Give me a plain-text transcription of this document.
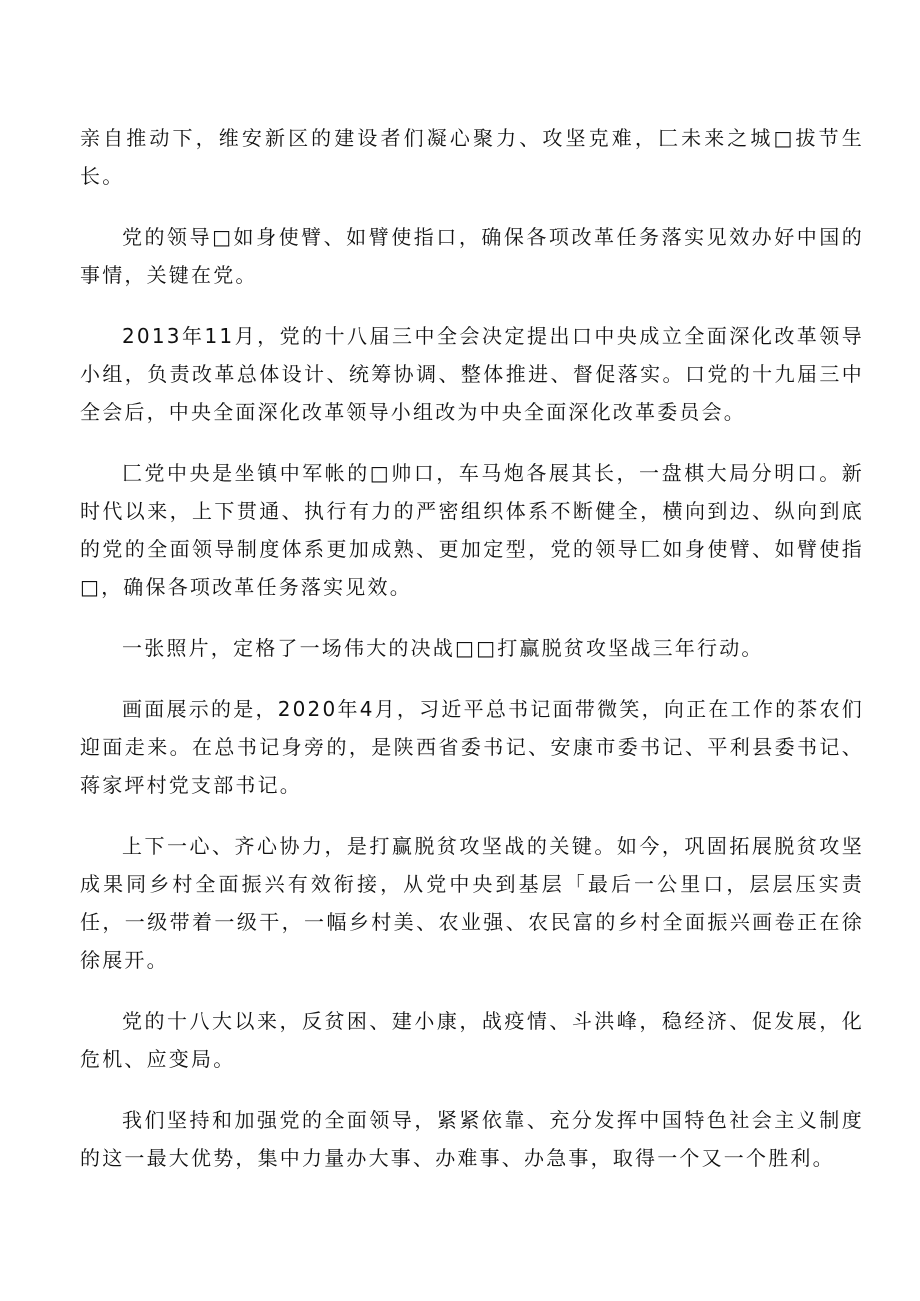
亲自推动下，维安新区的建设者们凝心聚力、攻坚克难，匚未来之城□拔节生长。

党的领导□如身使臂、如臂使指口，确保各项改革任务落实见效办好中国的事情，关键在党。

2013年11月，党的十八届三中全会决定提出口中央成立全面深化改革领导小组，负责改革总体设计、统筹协调、整体推进、督促落实。口党的十九届三中全会后，中央全面深化改革领导小组改为中央全面深化改革委员会。

匚党中央是坐镇中军帐的□帅口，车马炮各展其长，一盘棋大局分明口。新时代以来，上下贯通、执行有力的严密组织体系不断健全，横向到边、纵向到底的党的全面领导制度体系更加成熟、更加定型，党的领导匚如身使臂、如臂使指□，确保各项改革任务落实见效。

一张照片，定格了一场伟大的决战□□打赢脱贫攻坚战三年行动。

画面展示的是，2020年4月，习近平总书记面带微笑，向正在工作的茶农们迎面走来。在总书记身旁的，是陕西省委书记、安康市委书记、平利县委书记、蒋家坪村党支部书记。

上下一心、齐心协力，是打赢脱贫攻坚战的关键。如今，巩固拓展脱贫攻坚成果同乡村全面振兴有效衔接，从党中央到基层「最后一公里口，层层压实责任，一级带着一级干，一幅乡村美、农业强、农民富的乡村全面振兴画卷正在徐徐展开。

党的十八大以来，反贫困、建小康，战疫情、斗洪峰，稳经济、促发展，化危机、应变局。

我们坚持和加强党的全面领导，紧紧依靠、充分发挥中国特色社会主义制度的这一最大优势，集中力量办大事、办难事、办急事，取得一个又一个胜利。
